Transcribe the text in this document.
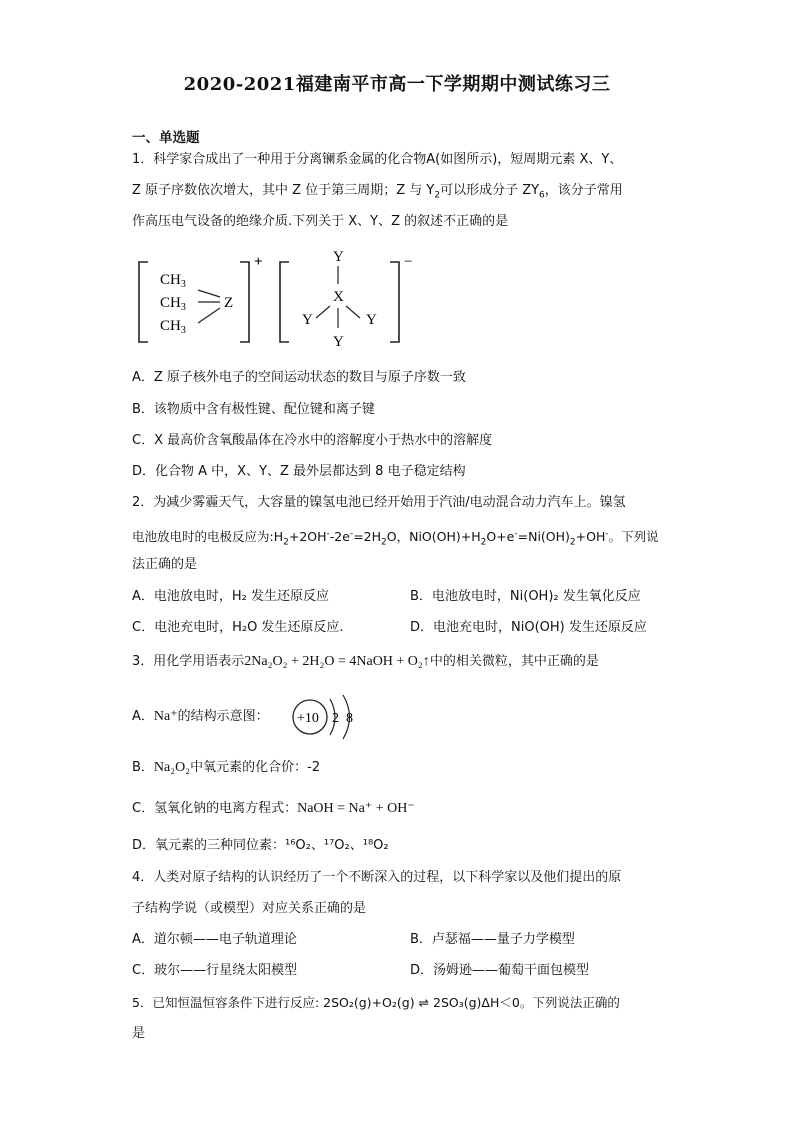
2020-2021福建南平市高一下学期期中测试练习三
一、单选题
1．科学家合成出了一种用于分离镧系金属的化合物A(如图所示)，短周期元素 X、Y、
Z 原子序数依次增大，其中 Z 位于第三周期；Z 与 $Y_2$可以形成分子 $ZY_6$，该分子常用
作高压电气设备的绝缘介质.下列关于 X、Y、Z 的叙述不正确的是
$CH_3$
$CH_3$
$CH_3$
Z
+	Y
X
Y	Y
Y
−
A．Z 原子核外电子的空间运动状态的数目与原子序数一致
B．该物质中含有极性键、配位键和离子键
C．X 最高价含氧酸晶体在冷水中的溶解度小于热水中的溶解度
D．化合物 A 中，X、Y、Z 最外层都达到 8 电子稳定结构
2．为减少雾霾天气，大容量的镍氢电池已经开始用于汽油/电动混合动力汽车上。镍氢
电池放电时的电极反应为$:H_2+2OH^--2e^-=2H_2O$，$NiO(OH)+H_2O+e^-=Ni(OH)_2+OH^-$。下列说
法正确的是
A．电池放电时，H₂ 发生还原反应	B．电池放电时，Ni(OH)₂ 发生氧化反应
C．电池充电时，H₂O 发生还原反应.	D．电池充电时，NiO(OH) 发生还原反应
3．用化学用语表示2Na₂O₂ + 2H₂O = 4NaOH + O₂↑中的相关微粒，其中正确的是
A．Na⁺的结构示意图： +10 2 8
B．Na₂O₂中氧元素的化合价：-2
C．氢氧化钠的电离方程式：NaOH = Na⁺ + OH⁻
D．氧元素的三种同位素：¹⁶O₂、¹⁷O₂、¹⁸O₂
4．人类对原子结构的认识经历了一个不断深入的过程，以下科学家以及他们提出的原
子结构学说（或模型）对应关系正确的是
A．道尔顿——电子轨道理论	B．卢瑟福——量子力学模型
C．玻尔——行星绕太阳模型	D．汤姆逊——葡萄干面包模型
5．已知恒温恒容条件下进行反应: 2SO₂(g)+O₂(g) ⇌ 2SO₃(g)ΔH＜0。下列说法正确的
是
